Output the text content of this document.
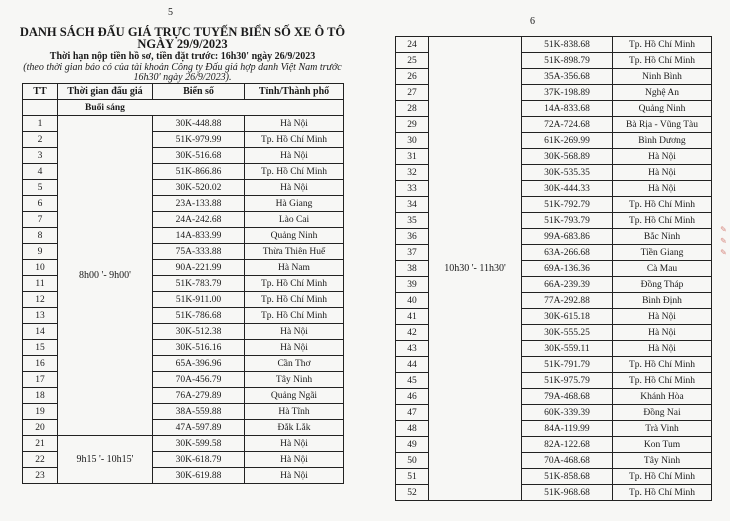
5
DANH SÁCH ĐẤU GIÁ TRỰC TUYẾN BIỂN SỐ XE Ô TÔ
NGÀY 29/9/2023
Thời hạn nộp tiền hồ sơ, tiền đặt trước: 16h30' ngày 26/9/2023
(theo thời gian báo có của tài khoản Công ty Đấu giá hợp danh Việt Nam trước
16h30' ngày 26/9/2023).
TT	Thời gian đấu giá	Biển số	Tỉnh/Thành phố
	Buổi sáng		
1	8h00 '- 9h00'	30K-448.88	Hà Nội
2		51K-979.99	Tp. Hồ Chí Minh
3		30K-516.68	Hà Nội
4		51K-866.86	Tp. Hồ Chí Minh
5		30K-520.02	Hà Nội
6		23A-133.88	Hà Giang
7		24A-242.68	Lào Cai
8		14A-833.99	Quảng Ninh
9		75A-333.88	Thừa Thiên Huế
10		90A-221.99	Hà Nam
11		51K-783.79	Tp. Hồ Chí Minh
12		51K-911.00	Tp. Hồ Chí Minh
13		51K-786.68	Tp. Hồ Chí Minh
14		30K-512.38	Hà Nội
15		30K-516.16	Hà Nội
16		65A-396.96	Cần Thơ
17		70A-456.79	Tây Ninh
18		76A-279.89	Quảng Ngãi
19		38A-559.88	Hà Tĩnh
20		47A-597.89	Đắk Lắk
21	9h15 '- 10h15'	30K-599.58	Hà Nội
22		30K-618.79	Hà Nội
23		30K-619.88	Hà Nội
6
24	10h30 '- 11h30'	51K-838.68	Tp. Hồ Chí Minh
25		51K-898.79	Tp. Hồ Chí Minh
26		35A-356.68	Ninh Bình
27		37K-198.89	Nghệ An
28		14A-833.68	Quảng Ninh
29		72A-724.68	Bà Rịa - Vũng Tàu
30		61K-269.99	Bình Dương
31		30K-568.89	Hà Nội
32		30K-535.35	Hà Nội
33		30K-444.33	Hà Nội
34		51K-792.79	Tp. Hồ Chí Minh
35		51K-793.79	Tp. Hồ Chí Minh
36		99A-683.86	Bắc Ninh
37		63A-266.68	Tiền Giang
38		69A-136.36	Cà Mau
39		66A-239.39	Đồng Tháp
40		77A-292.88	Bình Định
41		30K-615.18	Hà Nội
42		30K-555.25	Hà Nội
43		30K-559.11	Hà Nội
44		51K-791.79	Tp. Hồ Chí Minh
45		51K-975.79	Tp. Hồ Chí Minh
46		79A-468.68	Khánh Hòa
47		60K-339.39	Đồng Nai
48		84A-119.99	Trà Vinh
49		82A-122.68	Kon Tum
50		70A-468.68	Tây Ninh
51		51K-858.68	Tp. Hồ Chí Minh
52		51K-968.68	Tp. Hồ Chí Minh
✎ ✎ ✎
